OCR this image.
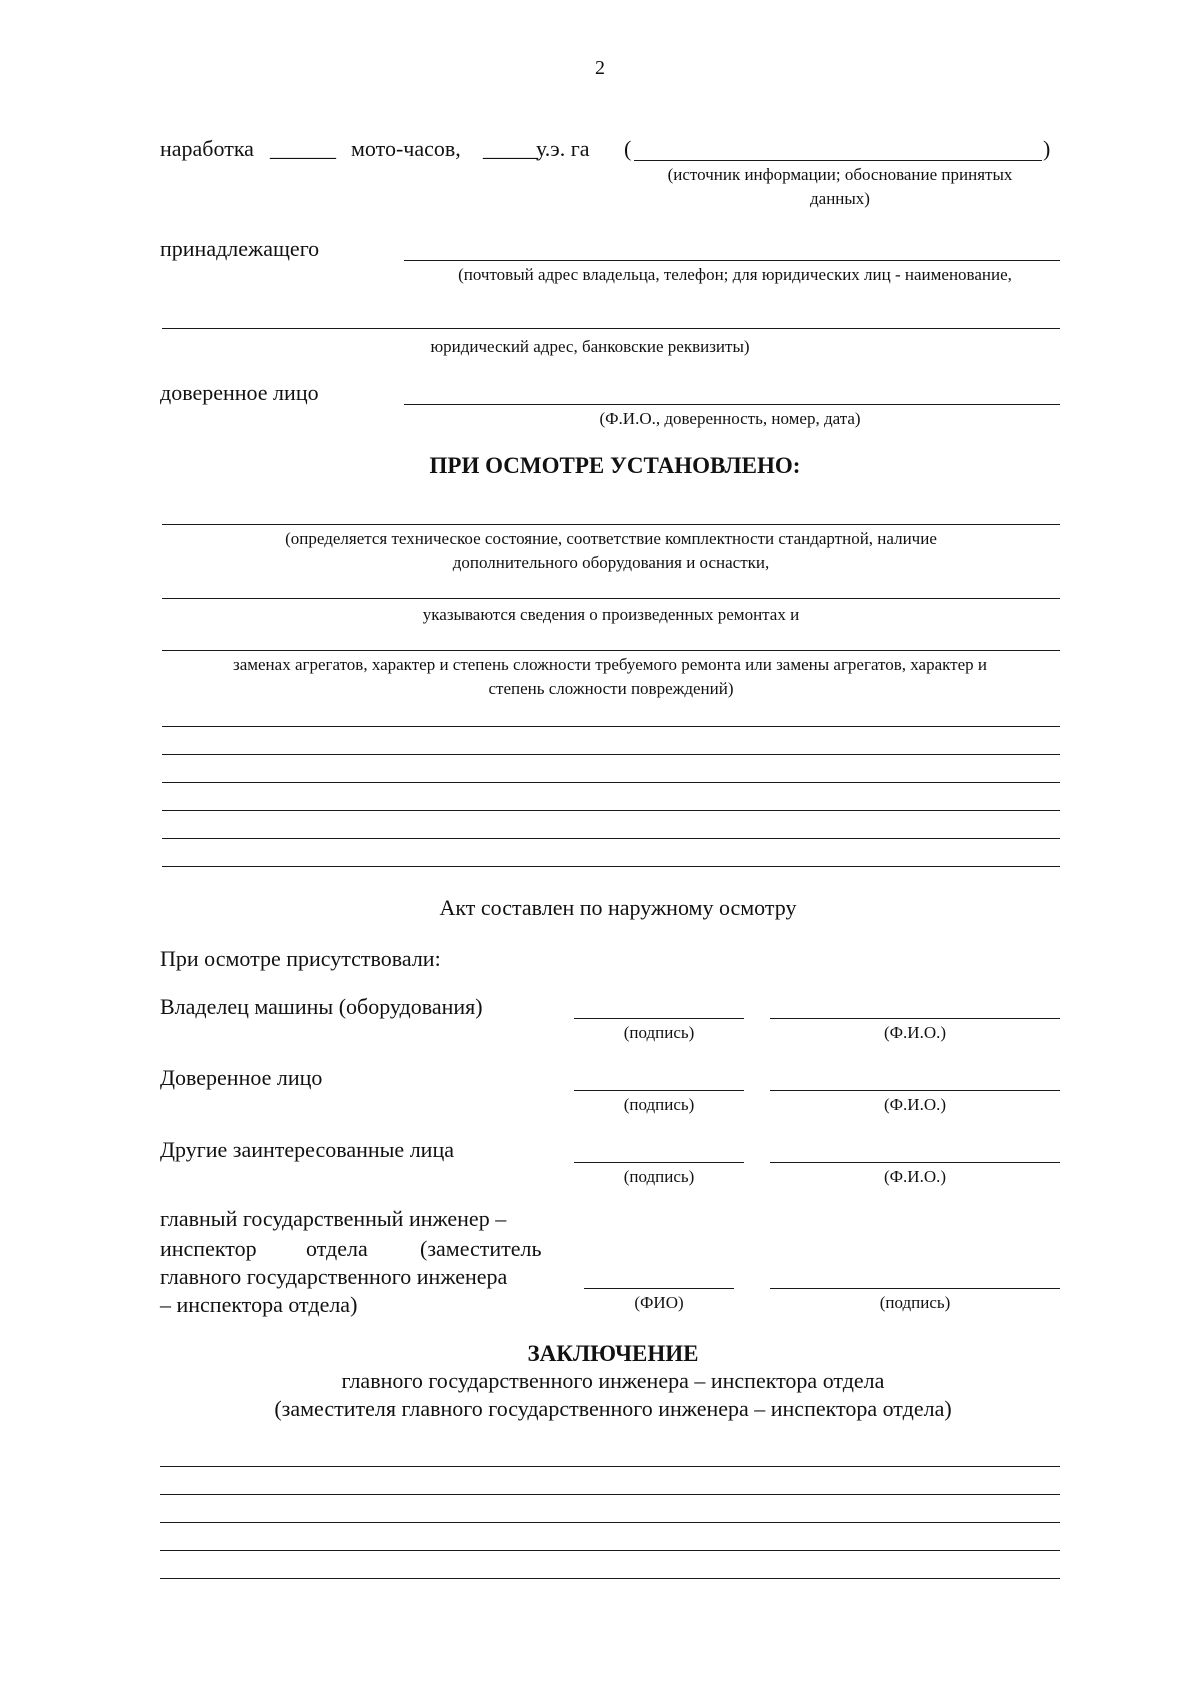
2
наработка ______ мото-часов, _____
у.э. га (	)
(источник информации; обоснование принятых
данных)
принадлежащего
(почтовый адрес владельца, телефон; для юридических лиц - наименование,
юридический адрес, банковские реквизиты)
доверенное лицо
(Ф.И.О., доверенность, номер, дата)
ПРИ ОСМОТРЕ УСТАНОВЛЕНО:
(определяется техническое состояние, соответствие комплектности стандартной, наличие
дополнительного оборудования и оснастки,
указываются сведения о произведенных ремонтах и
заменах агрегатов, характер и степень сложности требуемого ремонта или замены агрегатов, характер и
степень сложности повреждений)
Акт составлен по наружному осмотру
При осмотре присутствовали:
Владелец машины (оборудования)
(подпись)	(Ф.И.О.)
Доверенное лицо
(подпись)	(Ф.И.О.)
Другие заинтересованные лица
(подпись)	(Ф.И.О.)
главный государственный инженер –
инспектор отдела (заместитель
главного государственного инженера
– инспектора отдела)	(ФИО)	(подпись)
ЗАКЛЮЧЕНИЕ
главного государственного инженера – инспектора отдела
(заместителя главного государственного инженера – инспектора отдела)
